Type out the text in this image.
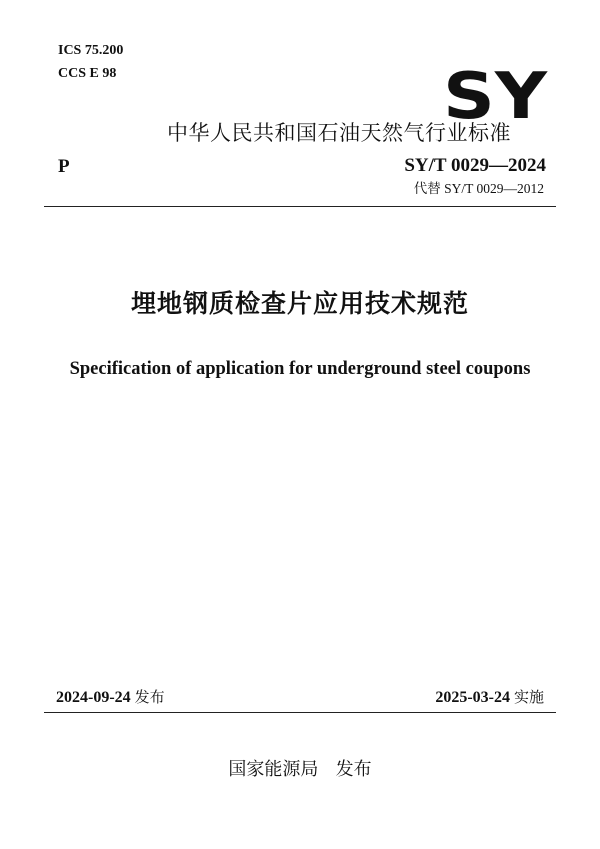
ICS 75.200
CCS E 98	SY
中华人民共和国石油天然气行业标准
P	SY/T 0029—2024
代替 SY/T 0029—2012
埋地钢质检查片应用技术规范
Specification of application for underground steel coupons
2024-09-24 发布	2025-03-24 实施
国家能源局 发布
